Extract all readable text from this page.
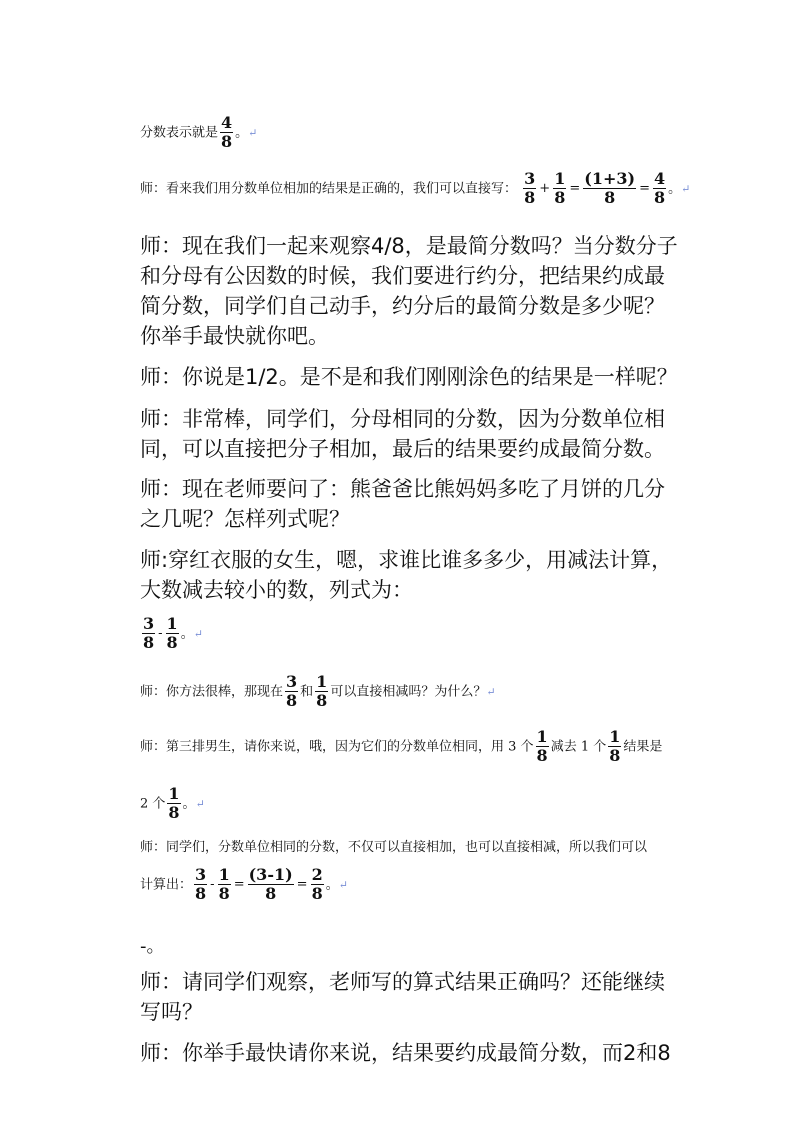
分数表示就是 $\frac{4}{8}$ 。↵
师：看来我们用分数单位相加的结果是正确的，我们可以直接写： $\frac{3}{8} + \frac{1}{8} = \frac{(1+3)}{8} = \frac{4}{8}$ 。↵
师：现在我们一起来观察4/8，是最简分数吗？当分数分子
和分母有公因数的时候，我们要进行约分，把结果约成最
简分数，同学们自己动手，约分后的最简分数是多少呢？
你举手最快就你吧。
师：你说是1/2。是不是和我们刚刚涂色的结果是一样呢？
师：非常棒，同学们，分母相同的分数，因为分数单位相
同，可以直接把分子相加，最后的结果要约成最简分数。
师：现在老师要问了：熊爸爸比熊妈妈多吃了月饼的几分
之几呢？怎样列式呢？
师:穿红衣服的女生，嗯，求谁比谁多多少，用减法计算，
大数减去较小的数，列式为：
$\frac{3}{8} - \frac{1}{8}$ 。↵
师：你方法很棒，那现在 $\frac{3}{8}$ 和 $\frac{1}{8}$ 可以直接相减吗？为什么？↵
师：第三排男生，请你来说，哦，因为它们的分数单位相同，用 3 个 $\frac{1}{8}$ 减去 1 个 $\frac{1}{8}$ 结果是
2 个 $\frac{1}{8}$ 。↵
师：同学们，分数单位相同的分数，不仅可以直接相加，也可以直接相减，所以我们可以
计算出： $\frac{3}{8} - \frac{1}{8} = \frac{(3-1)}{8} = \frac{2}{8}$ 。↵
-。
师：请同学们观察，老师写的算式结果正确吗？还能继续
写吗？
师：你举手最快请你来说，结果要约成最简分数，而2和8
